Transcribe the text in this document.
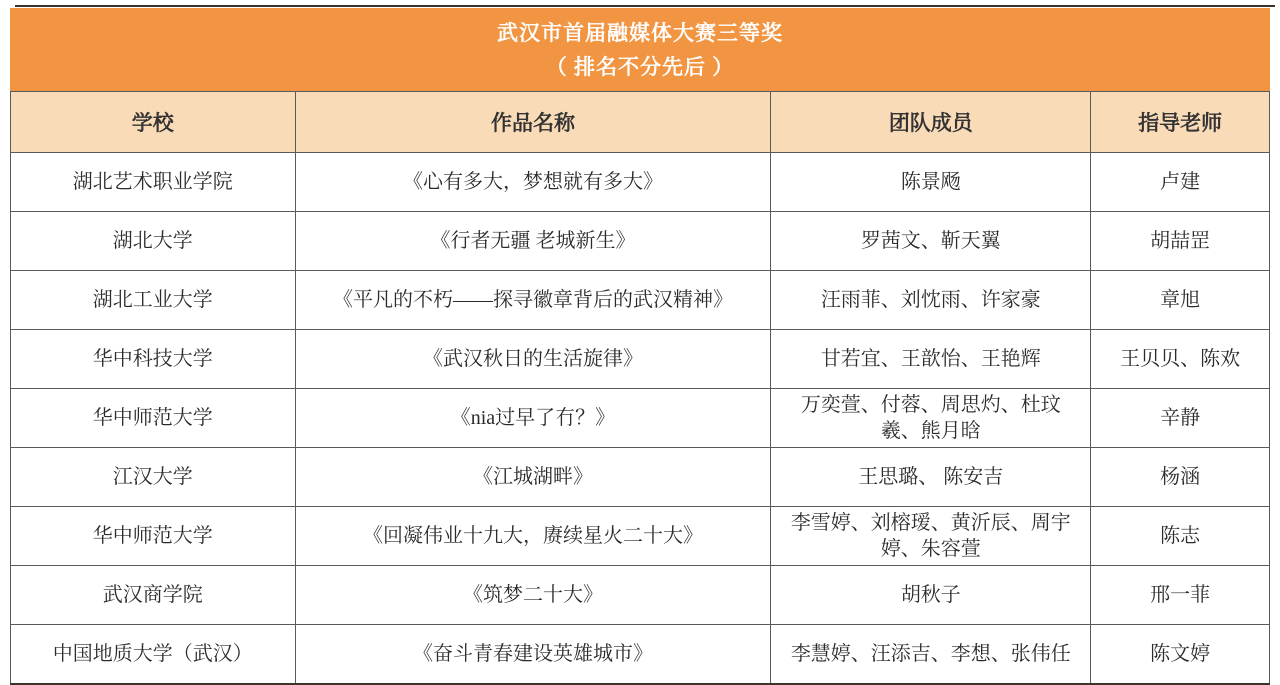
武汉市首届融媒体大赛三等奖
（ 排名不分先后 ）
学校	作品名称	团队成员	指导老师
湖北艺术职业学院	《心有多大，梦想就有多大》	陈景飏	卢建
湖北大学	《行者无疆 老城新生》	罗茜文、靳天翼	胡喆罡
湖北工业大学	《平凡的不朽——探寻徽章背后的武汉精神》	汪雨菲、刘忱雨、许家豪	章旭
华中科技大学	《武汉秋日的生活旋律》	甘若宜、王歆怡、王艳辉	王贝贝、陈欢
华中师范大学	《nia过早了冇？》	万奕萱、付蓉、周思灼、杜玟羲、熊月晗	辛静
江汉大学	《江城湖畔》	王思璐、 陈安吉	杨涵
华中师范大学	《回凝伟业十九大，赓续星火二十大》	李雪婷、刘榕瑷、黄沂辰、周宇婷、朱容萱	陈志
武汉商学院	《筑梦二十大》	胡秋子	邢一菲
中国地质大学（武汉）	《奋斗青春建设英雄城市》	李慧婷、汪添吉、李想、张伟任	陈文婷
